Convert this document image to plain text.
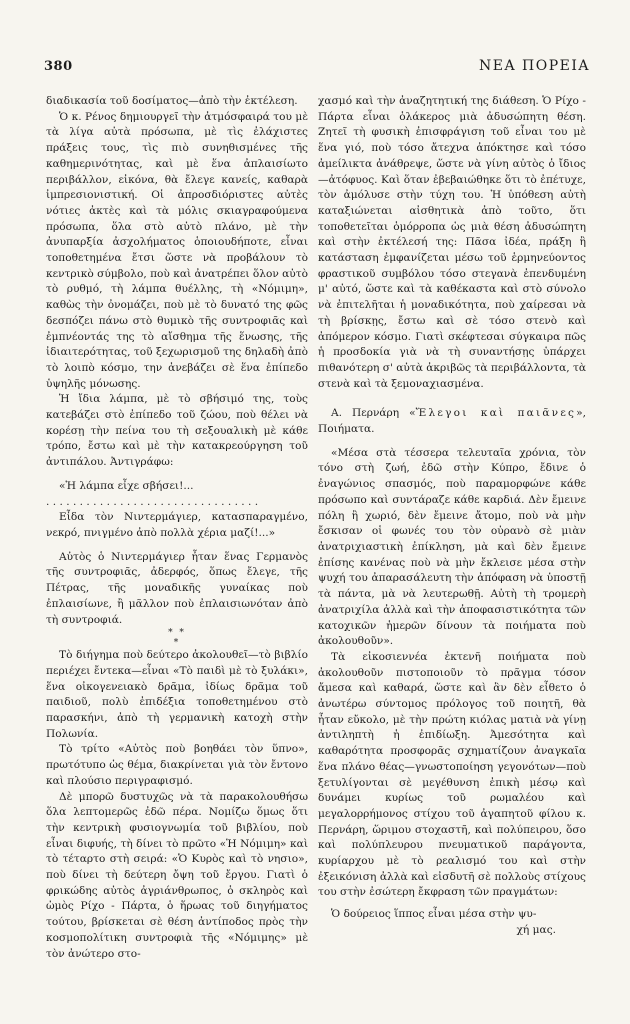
380	ΝΕΑ ΠΟΡΕΙΑ

διαδικασία τοῦ δοσίματος—ἀπὸ τὴν ἐκτέλεση.

Ὁ κ. Ρένος δημιουργεῖ τὴν ἀτμόσφαιρά του μὲ τὰ λίγα αὐτὰ πρόσωπα, μὲ τὶς ἐλάχιστες πράξεις τους, τὶς πιὸ συνηθισμένες τῆς καθημερινότητας, καὶ μὲ ἕνα ἀπλαισίωτο περιβάλλον, εἰκόνα, θὰ ἔλεγε κανείς, καθαρὰ ἰμπρεσιονιστική. Οἱ ἀπροσδιόριστες αὐτὲς νότιες ἀκτὲς καὶ τὰ μόλις σκιαγραφούμενα πρόσωπα, ὅλα στὸ αὐτὸ πλάνο, μὲ τὴν ἀνυπαρξία ἀσχολήματος ὁποιουδήποτε, εἶναι τοποθετημένα ἔτσι ὥστε νὰ προβάλουν τὸ κεντρικὸ σύμβολο, ποὺ καὶ ἀνατρέπει ὅλον αὐτὸ τὸ ρυθμό, τὴ λάμπα θυέλλης, τὴ «Νόμιμη», καθὼς τὴν ὀνομάζει, ποὺ μὲ τὸ δυνατό της φῶς δεσπόζει πάνω στὸ θυμικὸ τῆς συντροφιᾶς καὶ ἐμπνέοντάς της τὸ αἴσθημα τῆς ἕνωσης, τῆς ἰδιαιτερότητας, τοῦ ξεχωρισμοῦ της δηλαδὴ ἀπὸ τὸ λοιπὸ κόσμο, την ἀνεβάζει σὲ ἕνα ἐπίπεδο ὑψηλῆς μόνωσης.

Ἡ ἴδια λάμπα, μὲ τὸ σβήσιμό της, τοὺς κατεβάζει στὸ ἐπίπεδο τοῦ ζώου, ποὺ θέλει νὰ κορέσῃ τὴν πείνα του τὴ σεξουαλικὴ μὲ κάθε τρόπο, ἔστω καὶ μὲ τὴν κατακρεούργηση τοῦ ἀντιπάλου. Ἀντιγράφω:

«Ἡ λάμπα εἶχε σβήσει!...

. . . . . . . . . . . . . . . . . . . . . . . . . . . . . . . .

Εἶδα τὸν Νιντερμάγιερ, κατασπαραγμένο, νεκρό, πνιγμένο ἀπὸ πολλὰ χέρια μαζί!...»

Αὐτὸς ὁ Νιντερμάγιερ ἦταν ἕνας Γερμανὸς τῆς συντροφιᾶς, ἀδερφός, ὅπως ἔλεγε, τῆς Πέτρας, τῆς μοναδικῆς γυναίκας ποὺ ἐπλαισίωνε, ἢ μᾶλλον ποὺ ἐπλαισιωνόταν ἀπὸ τὴ συντροφιά.

* *
*

Τὸ διήγημα ποὺ δεύτερο ἀκολουθεῖ—τὸ βιβλίο περιέχει ἔντεκα—εἶναι «Τὸ παιδὶ μὲ τὸ ξυλάκι», ἕνα οἰκογενειακὸ δρᾶμα, ἰδίως δρᾶμα τοῦ παιδιοῦ, πολὺ ἐπιδέξια τοποθετημένου στὸ παρασκήνι, ἀπὸ τὴ γερμανικὴ κατοχὴ στὴν Πολωνία.

Τὸ τρίτο «Αὐτὸς ποὺ βοηθάει τὸν ὕπνο», πρωτότυπο ὡς θέμα, διακρίνεται γιὰ τὸν ἔντονο καὶ πλούσιο περιγραφισμό.

Δὲ μπορῶ δυστυχῶς νὰ τὰ παρακολουθήσω ὅλα λεπτομερῶς ἐδῶ πέρα. Νομίζω ὅμως ὅτι τὴν κεντρικὴ φυσιογνωμία τοῦ βιβλίου, ποὺ εἶναι διφυής, τὴ δίνει τὸ πρῶτο «Ἡ Νόμιμη» καὶ τὸ τέταρτο στὴ σειρά: «Ὁ Κυρὸς καὶ τὸ νησιο», ποὺ δίνει τὴ δεύτερη ὄψη τοῦ ἔργου. Γιατὶ ὁ φρικώδης αὐτὸς ἀγριάνθρωπος, ὁ σκληρὸς καὶ ὠμὸς Ρίχο - Πάρτα, ὁ ἥρωας τοῦ διηγήματος τούτου, βρίσκεται σὲ θέση ἀντίποδος πρὸς τὴν κοσμοπολίτικη συντροφιὰ τῆς «Νόμιμης» μὲ τὸν ἀνώτερο στο-

χασμό καὶ τὴν ἀναζητητική της διάθεση. Ὁ Ρίχο - Πάρτα εἶναι ὁλάκερος μιὰ ἀδυσώπητη θέση. Ζητεῖ τὴ φυσικὴ ἐπισφράγιση τοῦ εἶναι του μὲ ἕνα γιό, ποὺ τόσο ἄτεχνα ἀπόκτησε καὶ τόσο ἀμείλικτα ἀνάθρεψε, ὥστε νὰ γίνη αὐτὸς ὁ ἴδιος—ἀτόφυος. Καὶ ὅταν ἐβεβαιώθηκε ὅτι τὸ ἐπέτυχε, τὸν ἀμόλυσε στὴν τύχη του. Ἡ ὑπόθεση αὐτὴ καταξιώνεται αἰσθητικὰ ἀπὸ τοῦτο, ὅτι τοποθετεῖται ὁμόρροπα ὡς μιὰ θέση ἀδυσώπητη καὶ στὴν ἐκτέλεσή της: Πᾶσα ἰδέα, πράξη ἢ κατάσταση ἐμφανίζεται μέσω τοῦ ἑρμηνεύοντος φραστικοῦ συμβόλου τόσο στεγανὰ ἐπενδυμένη μ' αὐτό, ὥστε καὶ τὰ καθέκαστα καὶ στὸ σύνολο νὰ ἐπιτελῆται ἡ μοναδικότητα, ποὺ χαίρεσαι νὰ τὴ βρίσκῃς, ἔστω καὶ σὲ τόσο στενὸ καὶ ἀπόμερον κόσμο. Γιατὶ σκέφτεσαι σύγκαιρα πῶς ἡ προσδοκία γιὰ νὰ τὴ συναντήσῃς ὑπάρχει πιθανότερη σ' αὐτὰ ἀκριβῶς τὰ περιβάλλοντα, τὰ στενὰ καὶ τὰ ξεμοναχιασμένα.

Α. Περνάρη «Ἔλεγοι καὶ παιᾶνες», Ποιήματα.

«Μέσα στὰ τέσσερα τελευταῖα χρόνια, τὸν τόνο στὴ ζωή, ἐδῶ στὴν Κύπρο, ἔδινε ὁ ἐναγώνιος σπασμός, ποὺ παραμορφώνε κάθε πρόσωπο καὶ συντάραζε κάθε καρδιά. Δὲν ἔμεινε πόλη ἢ χωριό, δὲν ἔμεινε ἄτομο, ποὺ νὰ μὴν ἔσκισαν οἱ φωνές του τὸν οὐρανὸ σὲ μιὰν ἀνατριχιαστικὴ ἐπίκληση, μὰ καὶ δὲν ἔμεινε ἐπίσης κανένας ποὺ νὰ μὴν ἔκλεισε μέσα στὴν ψυχή του ἀπαρασάλευτη τὴν ἀπόφαση νὰ ὑποστῇ τὰ πάντα, μὰ νὰ λευτερωθῇ. Αὐτὴ τὴ τρομερὴ ἀνατριχίλα ἀλλὰ καὶ τὴν ἀποφασιστικότητα τῶν κατοχικῶν ἡμερῶν δίνουν τὰ ποιήματα ποὺ ἀκολουθοῦν».

Τὰ εἰκοσιεννέα ἐκτενῆ ποιήματα ποὺ ἀκολουθοῦν πιστοποιοῦν τὸ πρᾶγμα τόσον ἄμεσα καὶ καθαρά, ὥστε καὶ ἂν δὲν εἶθετο ὁ ἀνωτέρω σύντομος πρόλογος τοῦ ποιητῆ, θὰ ἦταν εὔκολο, μὲ τὴν πρώτη κιόλας ματιὰ νὰ γίνῃ ἀντιληπτὴ ἡ ἐπιδίωξη. Ἀμεσότητα καὶ καθαρότητα προσφορᾶς σχηματίζουν ἀναγκαῖα ἕνα πλάνο θέας—γνωστοποίηση γεγονότων—ποὺ ξετυλίγονται σὲ μεγέθυνση ἐπικὴ μέσῳ καὶ δυνάμει κυρίως τοῦ ρωμαλέου καὶ μεγαλορρήμονος στίχου τοῦ ἀγαπητοῦ φίλου κ. Περνάρη, ὥριμου στοχαστῆ, καὶ πολύπειρου, ὅσο καὶ πολύπλευρου πνευματικοῦ παράγοντα, κυρίαρχου μὲ τὸ ρεαλισμό του καὶ στὴν ἐξεικόνιση ἀλλὰ καὶ εἰσδυτῆ σὲ πολλοὺς στίχους του στὴν ἐσώτερη ἔκφραση τῶν πραγμάτων:

Ὁ δούρειος ἵππος εἶναι μέσα στὴν ψυ-

χή μας.
